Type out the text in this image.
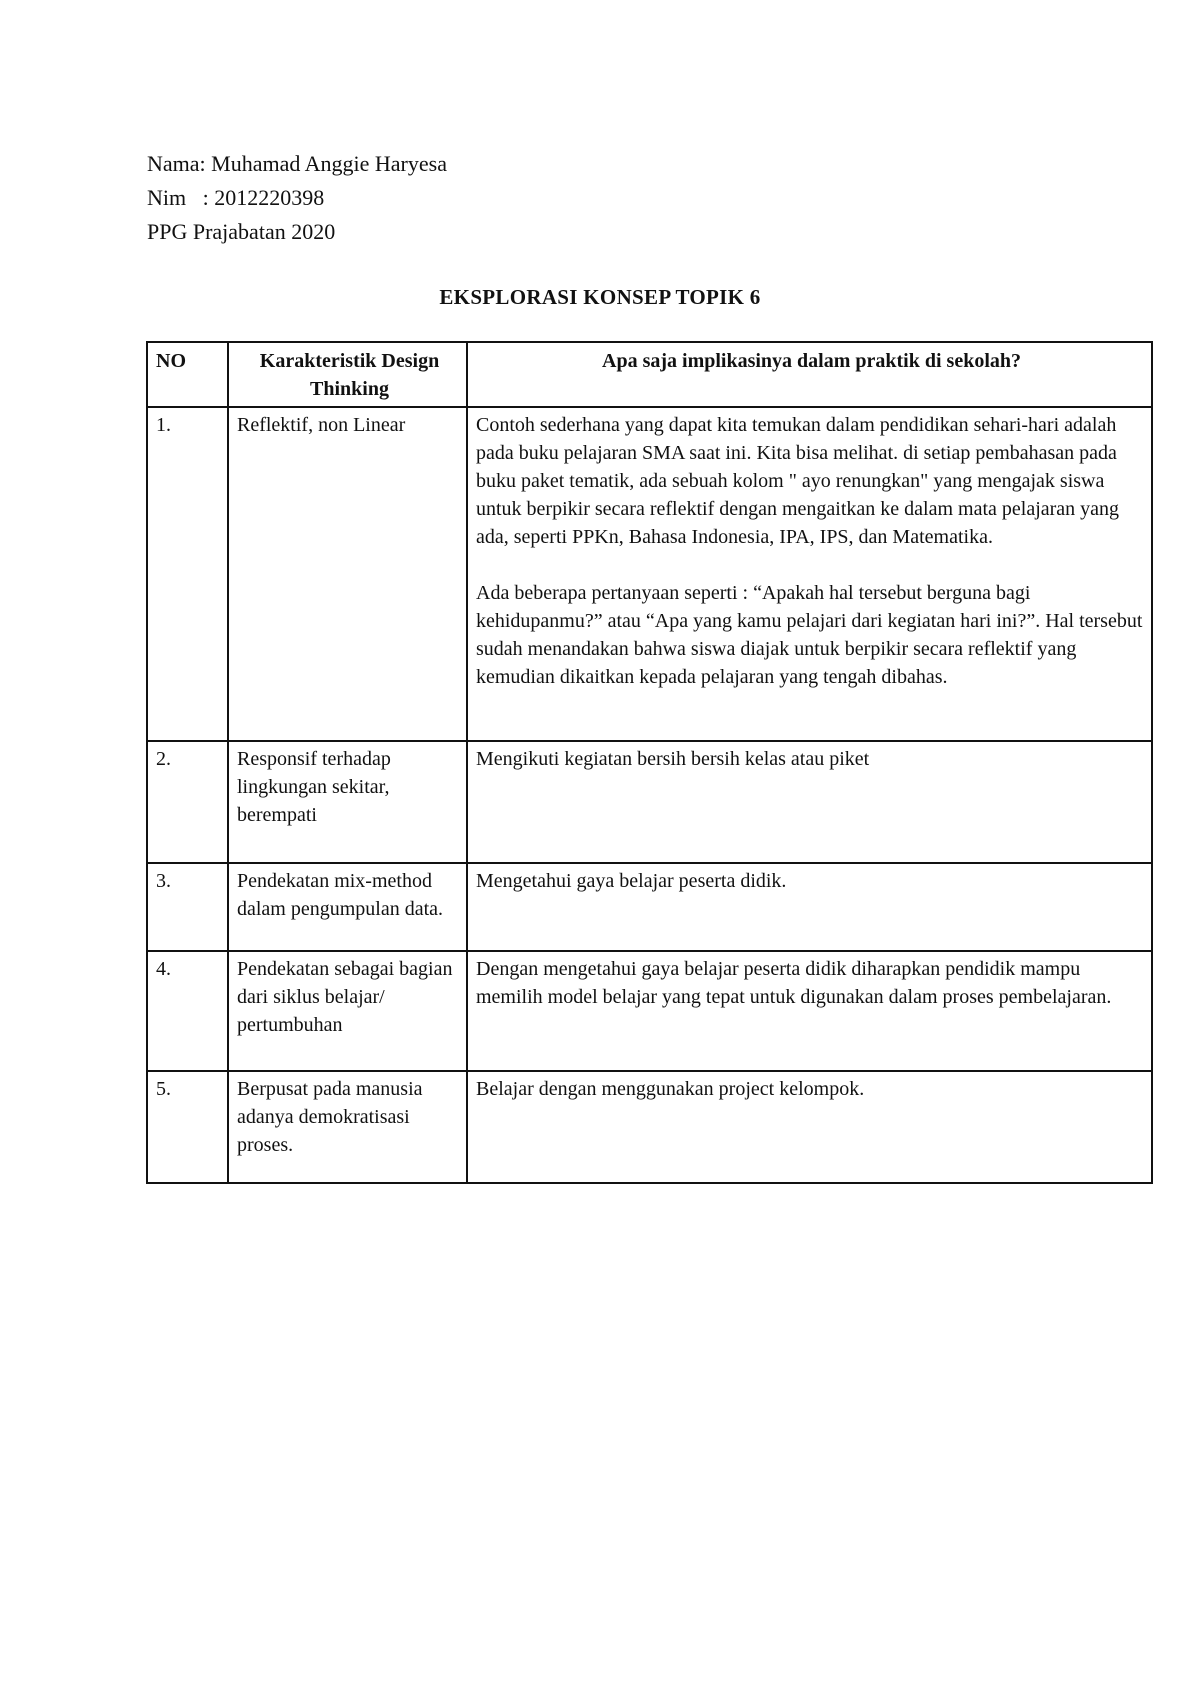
Nama: Muhamad Anggie Haryesa
Nim   : 2012220398
PPG Prajabatan 2020
EKSPLORASI KONSEP TOPIK 6
NO	Karakteristik Design Thinking	Apa saja implikasinya dalam praktik di sekolah?
1.	Reflektif, non Linear	Contoh sederhana yang dapat kita temukan dalam pendidikan sehari-hari adalah pada buku pelajaran SMA saat ini. Kita bisa melihat. di setiap pembahasan pada buku paket tematik, ada sebuah kolom " ayo renungkan" yang mengajak siswa untuk berpikir secara reflektif dengan mengaitkan ke dalam mata pelajaran yang ada, seperti PPKn, Bahasa Indonesia, IPA, IPS, dan Matematika.
Ada beberapa pertanyaan seperti : “Apakah hal tersebut berguna bagi kehidupanmu?” atau “Apa yang kamu pelajari dari kegiatan hari ini?”. Hal tersebut sudah menandakan bahwa siswa diajak untuk berpikir secara reflektif yang kemudian dikaitkan kepada pelajaran yang tengah dibahas.

2.	Responsif terhadap lingkungan sekitar, berempati	Mengikuti kegiatan bersih bersih kelas atau piket
3.	Pendekatan mix-method dalam pengumpulan data.	Mengetahui gaya belajar peserta didik.
4.	Pendekatan sebagai bagian dari siklus belajar/ pertumbuhan	Dengan mengetahui gaya belajar peserta didik diharapkan pendidik mampu memilih model belajar yang tepat untuk digunakan dalam proses pembelajaran.
5.	Berpusat pada manusia adanya demokratisasi proses.	Belajar dengan menggunakan project kelompok.
